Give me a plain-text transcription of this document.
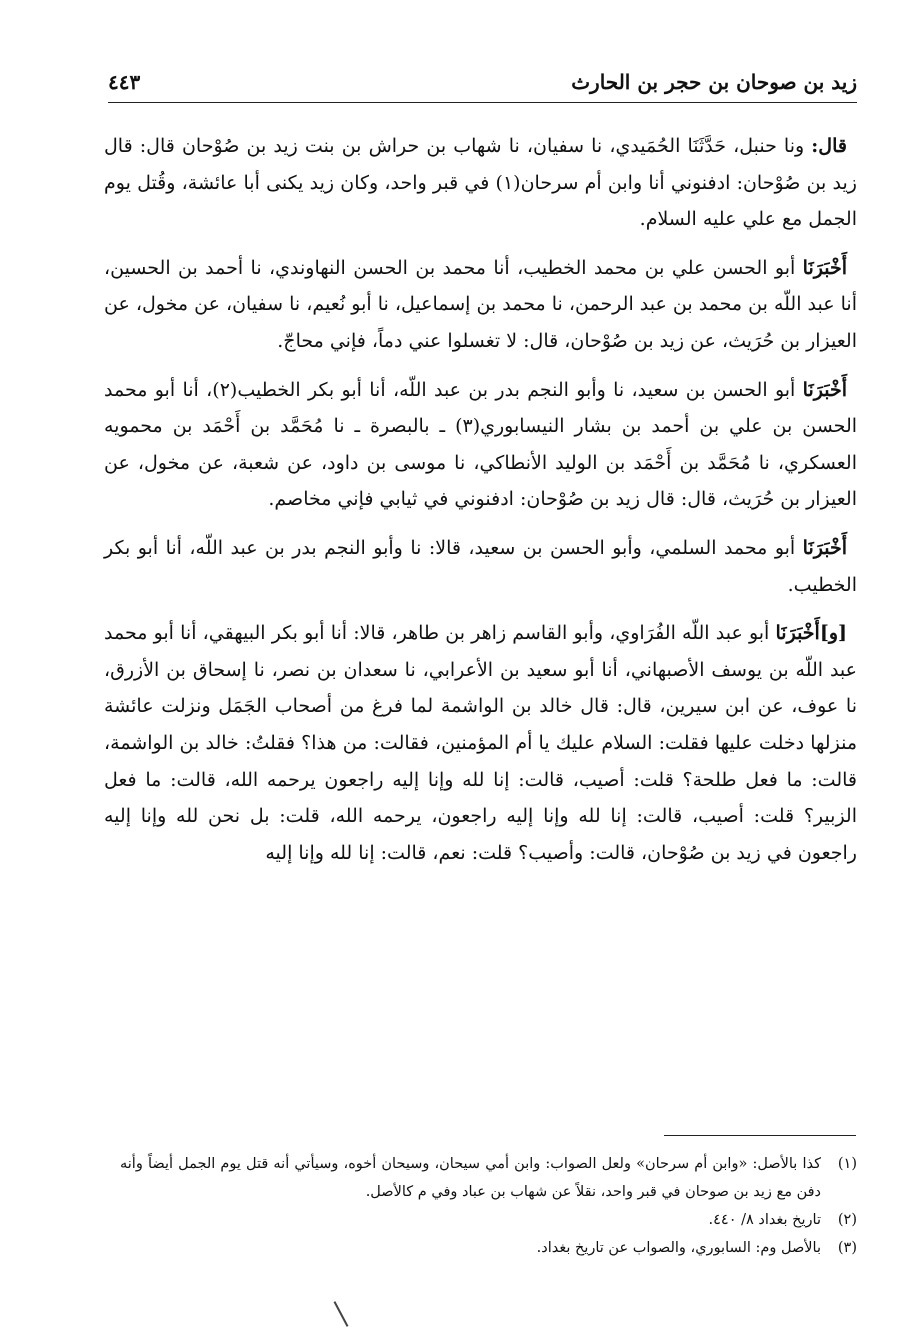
زيد بن صوحان بن حجر بن الحارث
٤٤٣

قال: ونا حنبل، حَدَّثَنَا الحُمَيدي، نا سفيان، نا شهاب بن حراش بن بنت زيد بن صُوْحان قال: قال زيد بن صُوْحان: ادفنوني أنا وابن أم سرحان(١) في قبر واحد، وكان زيد يكنى أبا عائشة، وقُتل يوم الجمل مع علي عليه السلام.

أَخْبَرَنَا أبو الحسن علي بن محمد الخطيب، أنا محمد بن الحسن النهاوندي، نا أحمد بن الحسين، أنا عبد اللّه بن محمد بن عبد الرحمن، نا محمد بن إسماعيل، نا أبو نُعيم، نا سفيان، عن مخول، عن العيزار بن حُرَيث، عن زيد بن صُوْحان، قال: لا تغسلوا عني دماً، فإني محاجّ.

أَخْبَرَنَا أبو الحسن بن سعيد، نا وأبو النجم بدر بن عبد اللّه، أنا أبو بكر الخطيب(٢)، أنا أبو محمد الحسن بن علي بن أحمد بن بشار النيسابوري(٣) ـ بالبصرة ـ نا مُحَمَّد بن أَحْمَد بن محمويه العسكري، نا مُحَمَّد بن أَحْمَد بن الوليد الأنطاكي، نا موسى بن داود، عن شعبة، عن مخول، عن العيزار بن حُرَيث، قال: قال زيد بن صُوْحان: ادفنوني في ثيابي فإني مخاصم.

أَخْبَرَنَا أبو محمد السلمي، وأبو الحسن بن سعيد، قالا: نا وأبو النجم بدر بن عبد اللّه، أنا أبو بكر الخطيب.

[و]أَخْبَرَنَا أبو عبد اللّه الفُرَاوي، وأبو القاسم زاهر بن طاهر، قالا: أنا أبو بكر البيهقي، أنا أبو محمد عبد اللّه بن يوسف الأصبهاني، أنا أبو سعيد بن الأعرابي، نا سعدان بن نصر، نا إسحاق بن الأزرق، نا عوف، عن ابن سيرين، قال: قال خالد بن الواشمة لما فرغ من أصحاب الجَمَل ونزلت عائشة منزلها دخلت عليها فقلت: السلام عليك يا أم المؤمنين، فقالت: من هذا؟ فقلتُ: خالد بن الواشمة، قالت: ما فعل طلحة؟ قلت: أصيب، قالت: إنا لله وإنا إليه راجعون يرحمه الله، قالت: ما فعل الزبير؟ قلت: أصيب، قالت: إنا لله وإنا إليه راجعون، يرحمه الله، قلت: بل نحن لله وإنا إليه راجعون في زيد بن صُوْحان، قالت: وأصيب؟ قلت: نعم، قالت: إنا لله وإنا إليه

(١)
كذا بالأصل: «وابن أم سرحان» ولعل الصواب: وابن أمي سيحان، وسيحان أخوه، وسيأتي أنه قتل يوم الجمل أيضاً وأنه دفن مع زيد بن صوحان في قبر واحد، نقلاً عن شهاب بن عباد وفي م كالأصل.
(٢)
تاريخ بغداد ٨/ ٤٤٠.
(٣)
بالأصل وم: السابوري، والصواب عن تاريخ بغداد.
